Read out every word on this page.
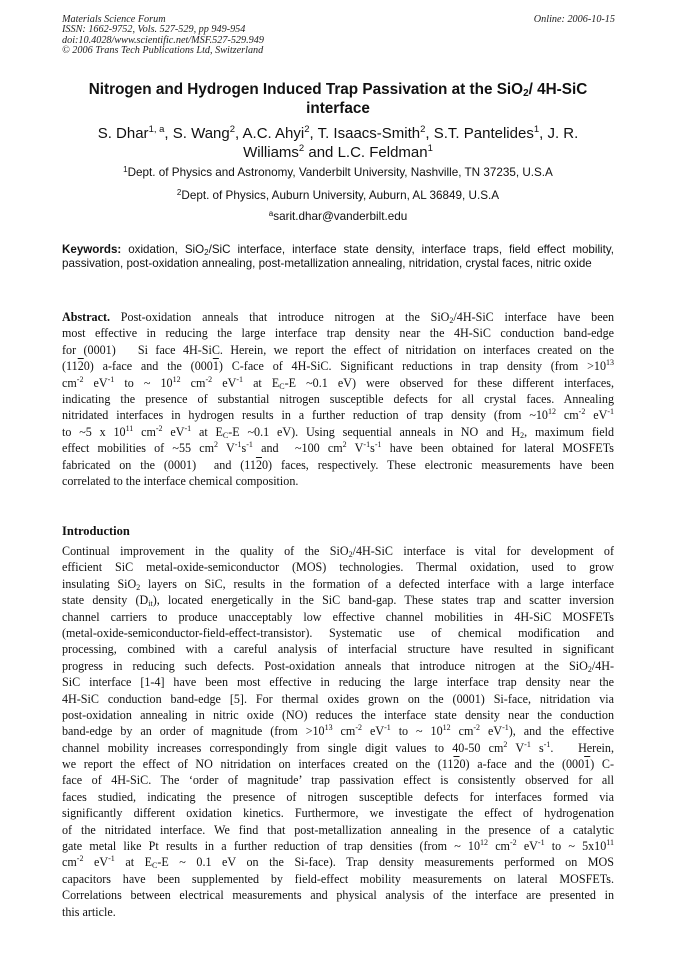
Materials Science Forum
ISSN: 1662-9752, Vols. 527-529, pp 949-954
doi:10.4028/www.scientific.net/MSF.527-529.949
© 2006 Trans Tech Publications Ltd, Switzerland
Online: 2006-10-15
Nitrogen and Hydrogen Induced Trap Passivation at the SiO$_2$/ 4H-SiC interface
S. Dhar$^{1, a}$, S. Wang$^2$, A.C. Ahyi$^2$, T. Isaacs-Smith$^2$, S.T. Pantelides$^1$, J. R.
Williams$^2$ and L.C. Feldman$^1$
$^1$Dept. of Physics and Astronomy, Vanderbilt University, Nashville, TN 37235, U.S.A
$^2$Dept. of Physics, Auburn University, Auburn, AL 36849, U.S.A
$^a$sarit.dhar@vanderbilt.edu
Keywords: oxidation, SiO$_2$/SiC interface, interface state density, interface traps, field effect mobility, passivation, post-oxidation annealing, post-metallization annealing, nitridation, crystal faces, nitric oxide
Abstract. Post-oxidation anneals that introduce nitrogen at the SiO$_2$/4H-SiC interface have been
most effective in reducing the large interface trap density near the 4H-SiC conduction band-edge
for (0001)   Si face 4H-SiC. Herein, we report the effect of nitridation on interfaces created on the
(1120) a-face and the (0001) C-face of 4H-SiC. Significant reductions in trap density (from $>10^{13}$
$cm^{-2}$ $eV^{-1}$ to ~ $10^{12}$ $cm^{-2}$ $eV^{-1}$ at $E_C-E$ ~0.1 eV) were observed for these different interfaces,
indicating the presence of substantial nitrogen susceptible defects for all crystal faces. Annealing
nitridated interfaces in hydrogen results in a further reduction of trap density (from $\sim 10^{12}$ $cm^{-2}$ $eV^{-1}$
to ~5 x $10^{11}$ $cm^{-2}$ $eV^{-1}$ at $E_C-E$ ~0.1 eV). Using sequential anneals in NO and $H_2$, maximum field
effect mobilities of ~55 $cm^2$ $V^{-1}s^{-1}$ and  ~100 $cm^2$ $V^{-1}s^{-1}$ have been obtained for lateral MOSFETs
fabricated on the (0001)  and (1120) faces, respectively. These electronic measurements have been
correlated to the interface chemical composition.
Introduction
Continual improvement in the quality of the SiO$_2$/4H-SiC interface is vital for development of
efficient SiC metal-oxide-semiconductor (MOS) technologies. Thermal oxidation, used to grow
insulating SiO$_2$ layers on SiC, results in the formation of a defected interface with a large interface
state density $(D_{it})$, located energetically in the SiC band-gap. These states trap and scatter inversion
channel carriers to produce unacceptably low effective channel mobilities in 4H-SiC MOSFETs
(metal-oxide-semiconductor-field-effect-transistor). Systematic use of chemical modification and
processing, combined with a careful analysis of interfacial structure have resulted in significant
progress in reducing such defects. Post-oxidation anneals that introduce nitrogen at the SiO$_2$/4H-
SiC interface [1-4] have been most effective in reducing the large interface trap density near the
4H-SiC conduction band-edge [5]. For thermal oxides grown on the (0001) Si-face, nitridation via
post-oxidation annealing in nitric oxide (NO) reduces the interface state density near the conduction
band-edge by an order of magnitude (from $>10^{13}$ $cm^{-2}$ $eV^{-1}$ to ~ $10^{12}$ $cm^{-2}$ $eV^{-1}$), and the effective
channel mobility increases correspondingly from single digit values to 40-50 $cm^2$ $V^{-1}$ $s^{-1}$.   Herein,
we report the effect of NO nitridation on interfaces created on the (1120) a-face and the (0001) C-
face of 4H-SiC. The ‘order of magnitude’ trap passivation effect is consistently observed for all
faces studied, indicating the presence of nitrogen susceptible defects for interfaces formed via
significantly different oxidation kinetics. Furthermore, we investigate the effect of hydrogenation
of the nitridated interface. We find that post-metallization annealing in the presence of a catalytic
gate metal like Pt results in a further reduction of trap densities (from ~ $10^{12}$ $cm^{-2}$ $eV^{-1}$ to ~ $5x10^{11}$
$cm^{-2}$ $eV^{-1}$ at $E_C-E$ ~ 0.1 eV on the Si-face). Trap density measurements performed on MOS
capacitors have been supplemented by field-effect mobility measurements on lateral MOSFETs.
Correlations between electrical measurements and physical analysis of the interface are presented in
this article.
